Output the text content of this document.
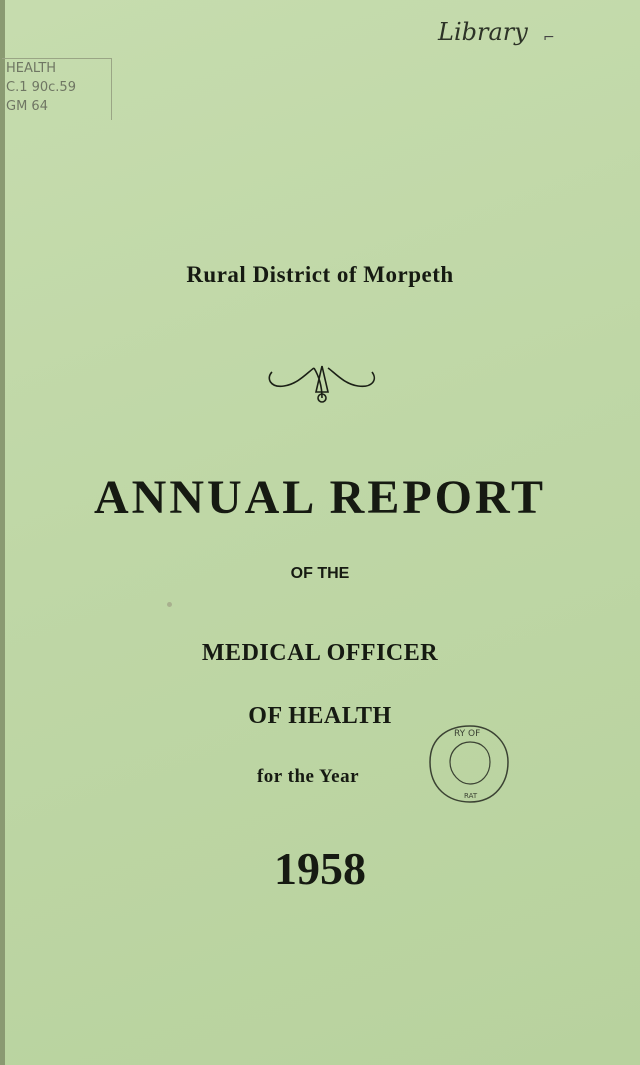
HEALTH
C.1 90c.59
GM 64
Library ⌐
Rural District of Morpeth
ANNUAL REPORT
OF THE
MEDICAL OFFICER
OF HEALTH
for the Year
RY OF
RAT
1958
